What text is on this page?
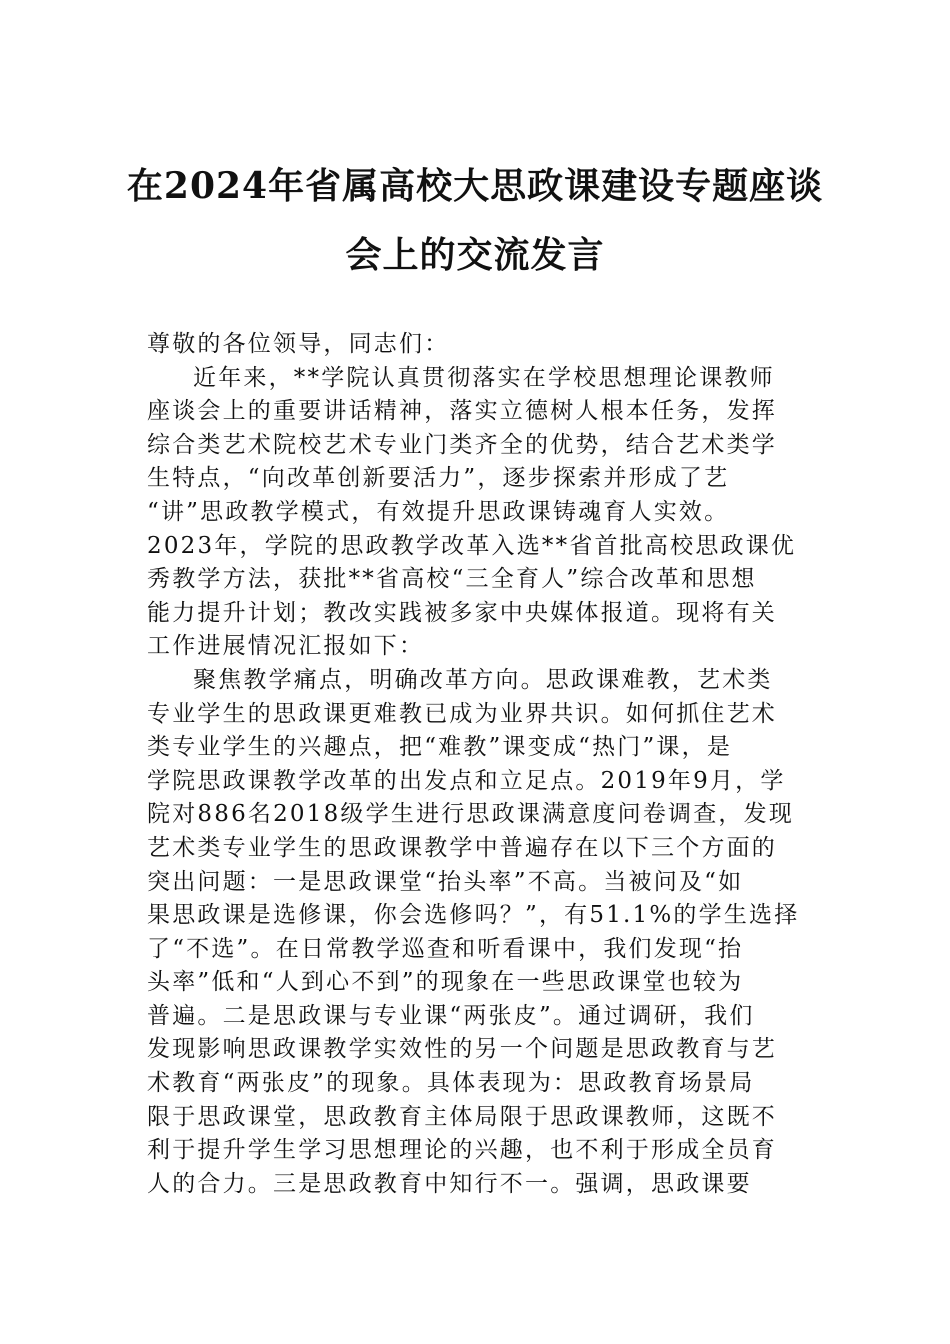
在2024年省属高校大思政课建设专题座谈
会上的交流发言
尊敬的各位领导，同志们：
近年来，**学院认真贯彻落实在学校思想理论课教师
座谈会上的重要讲话精神，落实立德树人根本任务，发挥
综合类艺术院校艺术专业门类齐全的优势，结合艺术类学
生特点，“向改革创新要活力”，逐步探索并形成了艺
“讲”思政教学模式，有效提升思政课铸魂育人实效。
2023年，学院的思政教学改革入选**省首批高校思政课优
秀教学方法，获批**省高校“三全育人”综合改革和思想
能力提升计划；教改实践被多家中央媒体报道。现将有关
工作进展情况汇报如下：
聚焦教学痛点，明确改革方向。思政课难教，艺术类
专业学生的思政课更难教已成为业界共识。如何抓住艺术
类专业学生的兴趣点，把“难教”课变成“热门”课，是
学院思政课教学改革的出发点和立足点。2019年9月，学
院对886名2018级学生进行思政课满意度问卷调查，发现
艺术类专业学生的思政课教学中普遍存在以下三个方面的
突出问题：一是思政课堂“抬头率”不高。当被问及“如
果思政课是选修课，你会选修吗？”，有51.1%的学生选择
了“不选”。在日常教学巡查和听看课中，我们发现“抬
头率”低和“人到心不到”的现象在一些思政课堂也较为
普遍。二是思政课与专业课“两张皮”。通过调研，我们
发现影响思政课教学实效性的另一个问题是思政教育与艺
术教育“两张皮”的现象。具体表现为：思政教育场景局
限于思政课堂，思政教育主体局限于思政课教师，这既不
利于提升学生学习思想理论的兴趣，也不利于形成全员育
人的合力。三是思政教育中知行不一。强调，思政课要
